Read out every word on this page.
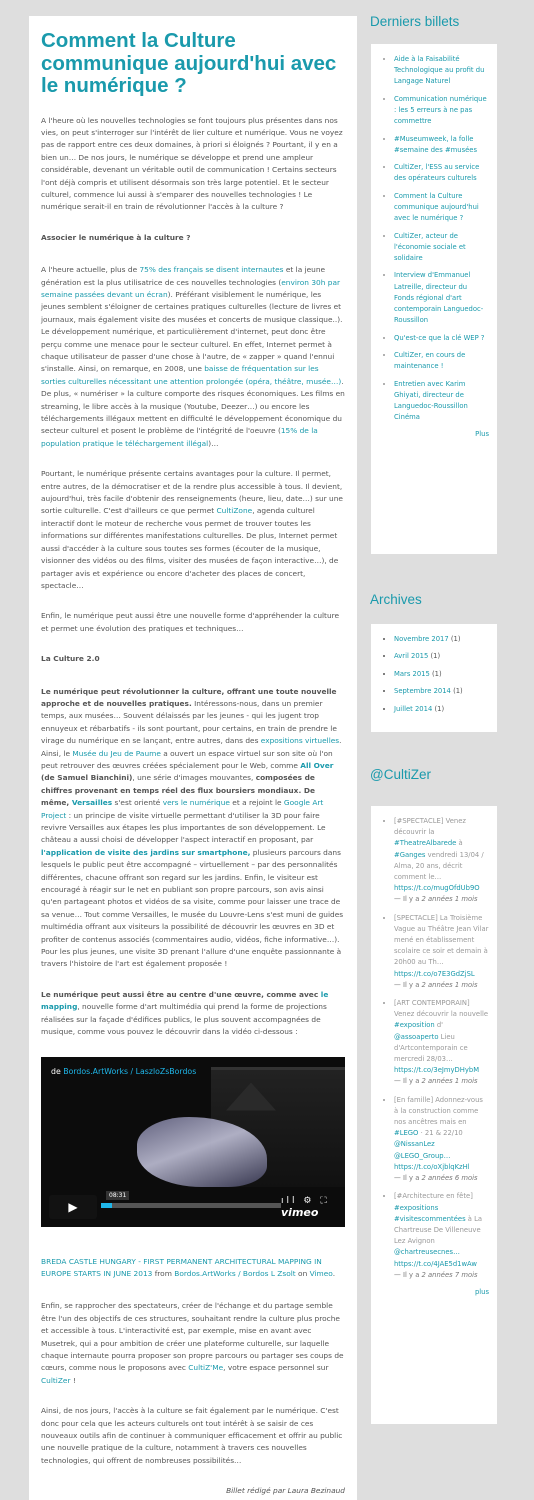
Comment la Culture communique aujourd'hui avec le numérique ?

A l'heure où les nouvelles technologies se font toujours plus présentes dans nos vies, on peut s'interroger sur l'intérêt de lier culture et numérique. Vous ne voyez pas de rapport entre ces deux domaines, à priori si éloignés ? Pourtant, il y en a bien un… De nos jours, le numérique se développe et prend une ampleur considérable, devenant un véritable outil de communication ! Certains secteurs l'ont déjà compris et utilisent désormais son très large potentiel. Et le secteur culturel, commence lui aussi à s'emparer des nouvelles technologies ! Le numérique serait-il en train de révolutionner l'accès à la culture ?

Associer le numérique à la culture ?

A l'heure actuelle, plus de 75% des français se disent internautes et la jeune génération est la plus utilisatrice de ces nouvelles technologies (environ 30h par semaine passées devant un écran). Préférant visiblement le numérique, les jeunes semblent s'éloigner de certaines pratiques culturelles (lecture de livres et journaux, mais également visite des musées et concerts de musique classique..). Le développement numérique, et particulièrement d'internet, peut donc être perçu comme une menace pour le secteur culturel. En effet, Internet permet à chaque utilisateur de passer d'une chose à l'autre, de « zapper » quand l'ennui s'installe. Ainsi, on remarque, en 2008, une baisse de fréquentation sur les sorties culturelles nécessitant une attention prolongée (opéra, théâtre, musée…). De plus, « numériser » la culture comporte des risques économiques. Les films en streaming, le libre accès à la musique (Youtube, Deezer…) ou encore les téléchargements illégaux mettent en difficulté le développement économique du secteur culturel et posent le problème de l'intégrité de l'oeuvre (15% de la population pratique le téléchargement illégal)…

Pourtant, le numérique présente certains avantages pour la culture. Il permet, entre autres, de la démocratiser et de la rendre plus accessible à tous. Il devient, aujourd'hui, très facile d'obtenir des renseignements (heure, lieu, date…) sur une sortie culturelle. C'est d'ailleurs ce que permet CultiZone, agenda culturel interactif dont le moteur de recherche vous permet de trouver toutes les informations sur différentes manifestations culturelles. De plus, Internet permet aussi d'accéder à la culture sous toutes ses formes (écouter de la musique, visionner des vidéos ou des films, visiter des musées de façon interactive…), de partager avis et expérience ou encore d'acheter des places de concert, spectacle…

Enfin, le numérique peut aussi être une nouvelle forme d'appréhender la culture et permet une évolution des pratiques et techniques…

La Culture 2.0

Le numérique peut révolutionner la culture, offrant une toute nouvelle approche et de nouvelles pratiques. Intéressons-nous, dans un premier temps, aux musées… Souvent délaissés par les jeunes - qui les jugent trop ennuyeux et rébarbatifs - ils sont pourtant, pour certains, en train de prendre le virage du numérique en se lançant, entre autres, dans des expositions virtuelles. Ainsi, le Musée du Jeu de Paume a ouvert un espace virtuel sur son site où l'on peut retrouver des œuvres créées spécialement pour le Web, comme All Over (de Samuel Bianchini), une série d'images mouvantes, composées de chiffres provenant en temps réel des flux boursiers mondiaux. De même, Versailles s'est orienté vers le numérique et a rejoint le Google Art Project : un principe de visite virtuelle permettant d'utiliser la 3D pour faire revivre Versailles aux étapes les plus importantes de son développement. Le château a aussi choisi de développer l'aspect interactif en proposant, par l'application de visite des jardins sur smartphone, plusieurs parcours dans lesquels le public peut être accompagné – virtuellement – par des personnalités différentes, chacune offrant son regard sur les jardins. Enfin, le visiteur est encouragé à réagir sur le net en publiant son propre parcours, son avis ainsi qu'en partageant photos et vidéos de sa visite, comme pour laisser une trace de sa venue… Tout comme Versailles, le musée du Louvre-Lens s'est muni de guides multimédia offrant aux visiteurs la possibilité de découvrir les œuvres en 3D et profiter de contenus associés (commentaires audio, vidéos, fiche informative…). Pour les plus jeunes, une visite 3D prenant l'allure d'une enquête passionnante à travers l'histoire de l'art est également proposée !

Le numérique peut aussi être au centre d'une œuvre, comme avec le mapping, nouvelle forme d'art multimédia qui prend la forme de projections réalisées sur la façade d'édifices publics, le plus souvent accompagnées de musique, comme vous pouvez le découvrir dans la vidéo ci-dessous :

de Bordos.ArtWorks / LaszloZsBordos
▶
08:31
ıll ⚙ ⛶ vimeo

BREDA CASTLE HUNGARY - FIRST PERMANENT ARCHITECTURAL MAPPING IN EUROPE STARTS IN JUNE 2013 from Bordos.ArtWorks / Bordos L Zsolt on Vimeo.

Enfin, se rapprocher des spectateurs, créer de l'échange et du partage semble être l'un des objectifs de ces structures, souhaitant rendre la culture plus proche et accessible à tous. L'interactivité est, par exemple, mise en avant avec Musetrek, qui a pour ambition de créer une plateforme culturelle, sur laquelle chaque internaute pourra proposer son propre parcours ou partager ses coups de cœurs, comme nous le proposons avec CultiZ'Me, votre espace personnel sur CultiZer !

Ainsi, de nos jours, l'accès à la culture se fait également par le numérique. C'est donc pour cela que les acteurs culturels ont tout intérêt à se saisir de ces nouveaux outils afin de continuer à communiquer efficacement et offrir au public une nouvelle pratique de la culture, notamment à travers ces nouvelles technologies, qui offrent de nombreuses possibilités…

Billet rédigé par Laura Bezinaud

Derniers billets
• Aide à la Faisabilité Technologique au profit du Langage Naturel
• Communication numérique : les 5 erreurs à ne pas commettre
• #Museumweek, la folle #semaine des #musées
• CultiZer, l'ESS au service des opérateurs culturels
• Comment la Culture communique aujourd'hui avec le numérique ?
• CultiZer, acteur de l'économie sociale et solidaire
• Interview d'Emmanuel Latreille, directeur du Fonds régional d'art contemporain Languedoc-Roussillon
• Qu'est-ce que la clé WEP ?
• CultiZer, en cours de maintenance !
• Entretien avec Karim Ghiyati, directeur de Languedoc-Roussillon Cinéma
Plus
Archives
• Novembre 2017 (1)
• Avril 2015 (1)
• Mars 2015 (1)
• Septembre 2014 (1)
• Juillet 2014 (1)
@CultiZer
• [#SPECTACLE] Venez découvrir la #TheatreAlbarede à #Ganges vendredi 13/04 / Alma, 20 ans, décrit comment le…
https://t.co/mugOfdUb9O
— Il y a 2 années 1 mois
• [SPECTACLE] La Troisième Vague au Théâtre Jean Vilar mené en établissement scolaire ce soir et demain à 20h00 au Th…
https://t.co/o7E3GdZjSL
— Il y a 2 années 1 mois
• [ART CONTEMPORAIN] Venez découvrir la nouvelle #exposition d' @assoaperto Lieu d'Artcontemporain ce mercredi 28/03…
https://t.co/3eJmyDHybM
— Il y a 2 années 1 mois
• [En famille] Adonnez-vous à la construction comme nos ancêtres mais en #LEGO · 21 & 22/10 @NissanLez @LEGO_Group…
https://t.co/oXjblqKzHl
— Il y a 2 années 6 mois
• [#Architecture en fête] #expositions #visitescommentées à La Chartreuse De Villeneuve Lez Avignon @chartreusecnes…
https://t.co/4JAE5d1wAw
— Il y a 2 années 7 mois
plus
